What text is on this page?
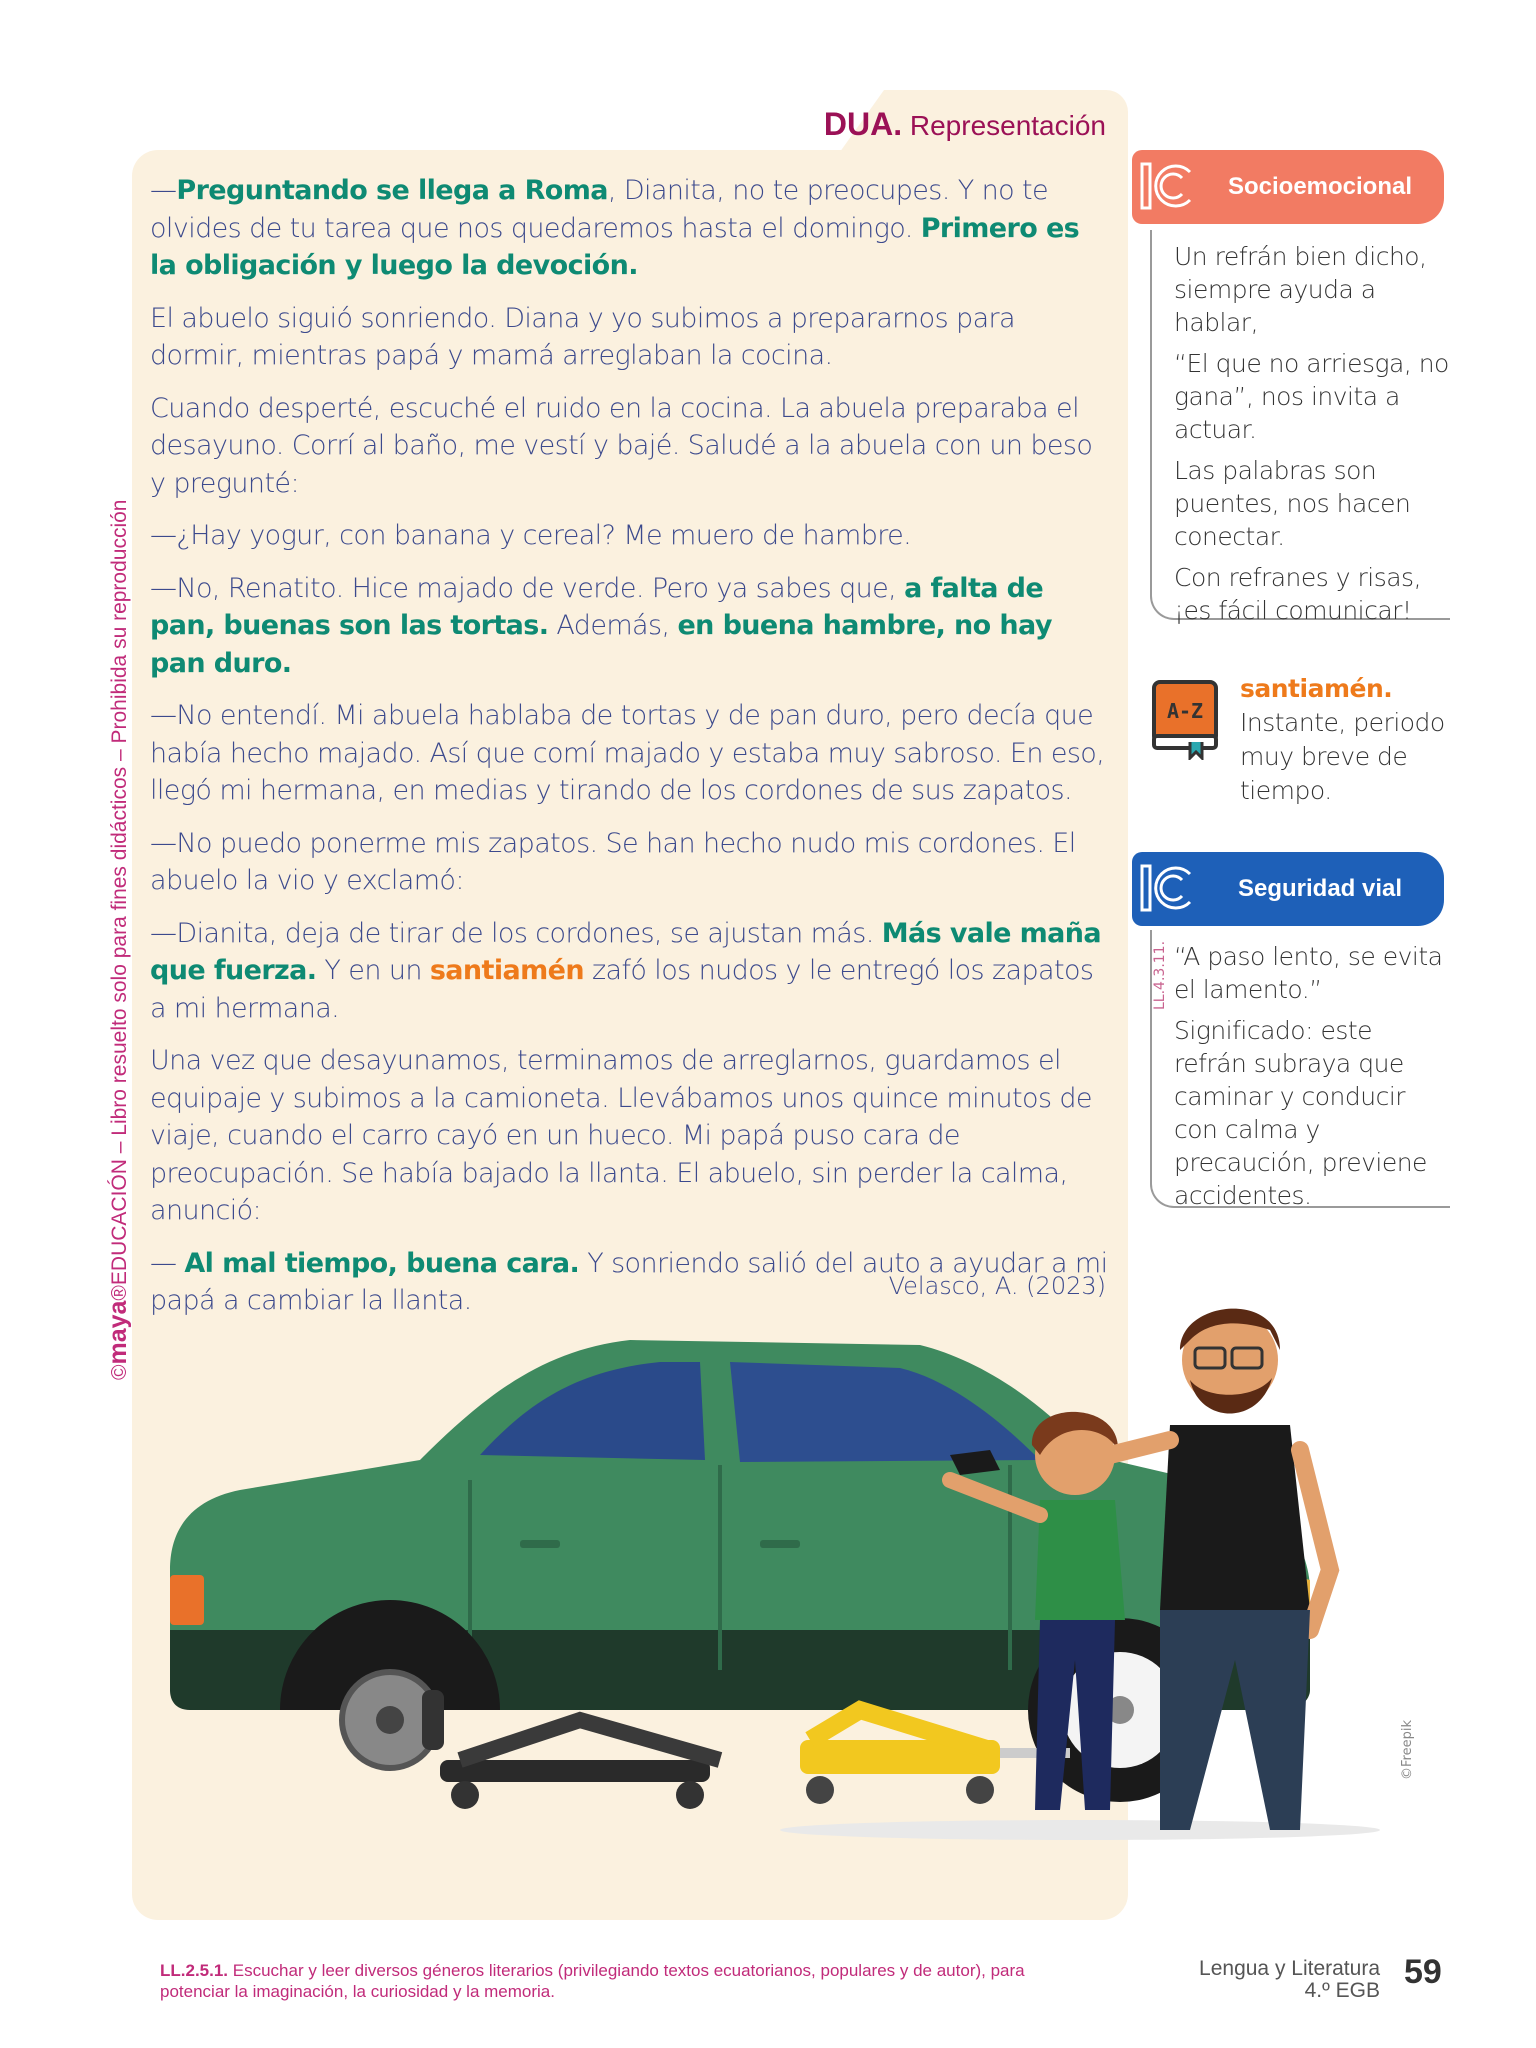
DUA. Representación

—Preguntando se llega a Roma, Dianita, no te preocupes. Y no te olvides de tu tarea que nos quedaremos hasta el domingo. Primero es la obligación y luego la devoción.

El abuelo siguió sonriendo. Diana y yo subimos a prepararnos para dormir, mientras papá y mamá arreglaban la cocina.

Cuando desperté, escuché el ruido en la cocina. La abuela preparaba el desayuno. Corrí al baño, me vestí y bajé. Saludé a la abuela con un beso y pregunté:

—¿Hay yogur, con banana y cereal? Me muero de hambre.

—No, Renatito. Hice majado de verde. Pero ya sabes que, a falta de pan, buenas son las tortas. Además, en buena hambre, no hay pan duro.

—No entendí. Mi abuela hablaba de tortas y de pan duro, pero decía que había hecho majado. Así que comí majado y estaba muy sabroso. En eso, llegó mi hermana, en medias y tirando de los cordones de sus zapatos.

—No puedo ponerme mis zapatos. Se han hecho nudo mis cordones. El abuelo la vio y exclamó:

—Dianita, deja de tirar de los cordones, se ajustan más. Más vale maña que fuerza. Y en un santiamén zafó los nudos y le entregó los zapatos a mi hermana.

Una vez que desayunamos, terminamos de arreglarnos, guardamos el equipaje y subimos a la camioneta. Llevábamos unos quince minutos de viaje, cuando el carro cayó en un hueco. Mi papá puso cara de preocupación. Se había bajado la llanta. El abuelo, sin perder la calma, anunció:

— Al mal tiempo, buena cara. Y sonriendo salió del auto a ayudar a mi papá a cambiar la llanta.	Velasco, A. (2023)
©maya®EDUCACIÓN – Libro resuelto solo para fines didácticos – Prohibida su reproducción
Socioemocional

Un refrán bien dicho, siempre ayuda a hablar,

“El que no arriesga, no gana”, nos invita a actuar.

Las palabras son puentes, nos hacen conectar.

Con refranes y risas, ¡es fácil comunicar!

A-Z
santiamén.
Instante, periodo muy breve de tiempo.
Seguridad vial
LL.4.3.11. “A paso lento, se evita el lamento.”

Significado: este refrán subraya que caminar y conducir con calma y precaución, previene accidentes.

©Freepik
LL.2.5.1. Escuchar y leer diversos géneros literarios (privilegiando textos ecuatorianos, populares y de autor), para potenciar la imaginación, la curiosidad y la memoria.
Lengua y Literatura
4.º EGB 59
